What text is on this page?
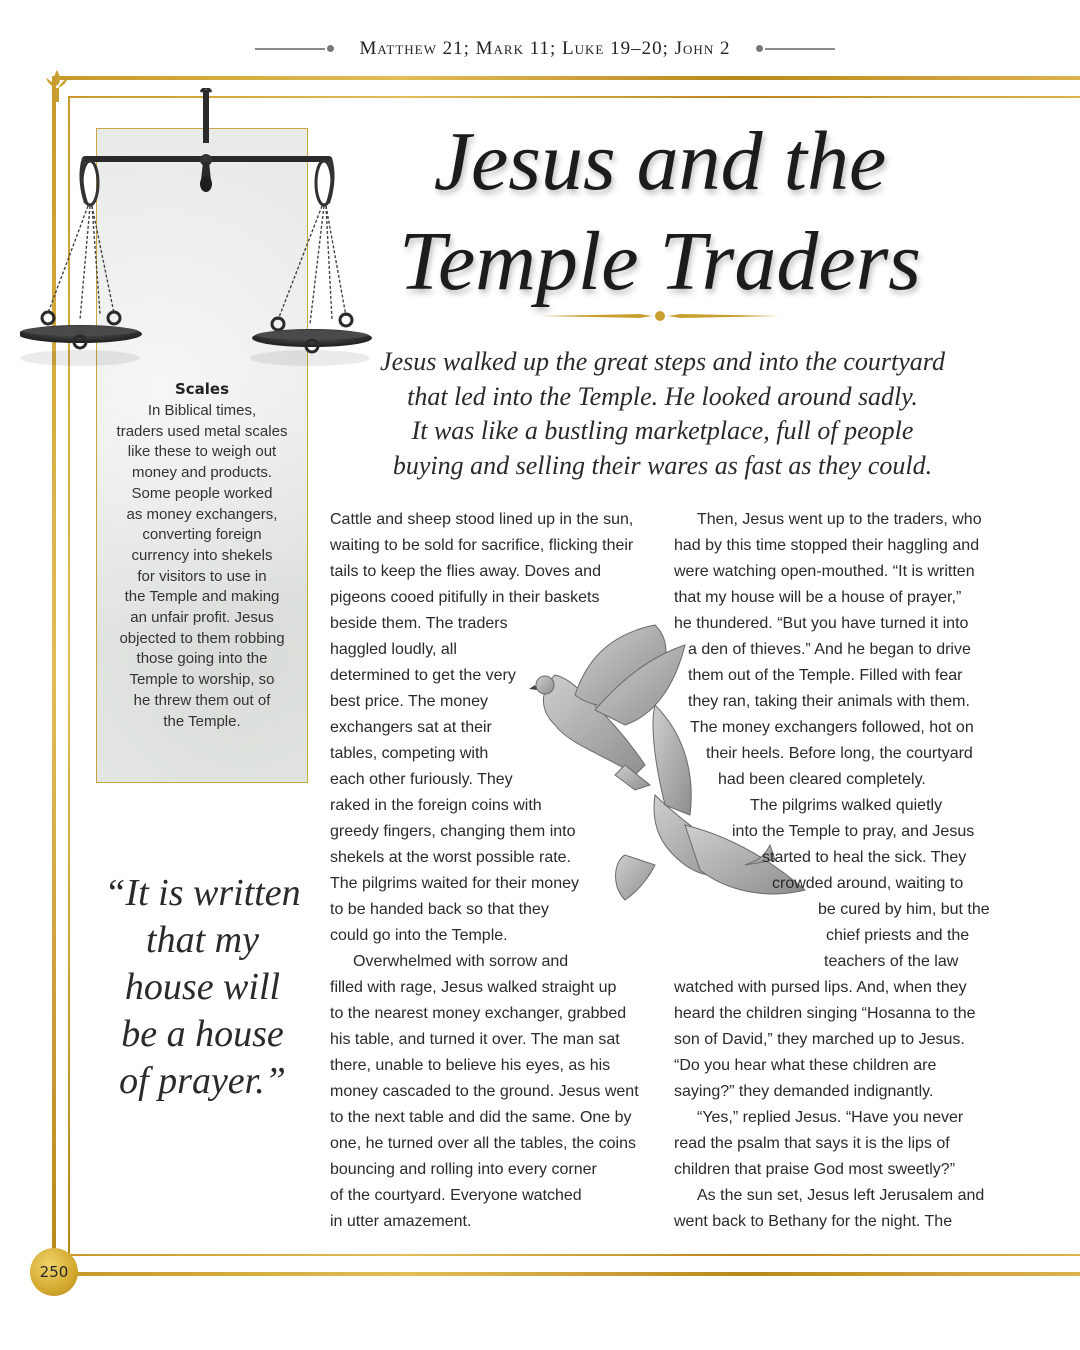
Matthew 21; Mark 11; Luke 19–20; John 2
Scales
In Biblical times,
traders used metal scales
like these to weigh out
money and products.
Some people worked
as money exchangers,
converting foreign
currency into shekels
for visitors to use in
the Temple and making
an unfair profit. Jesus
objected to them robbing
those going into the
Temple to worship, so
he threw them out of
the Temple.
“It is written
that my
house will
be a house
of prayer.”
Jesus and the
Temple Traders
Jesus walked up the great steps and into the courtyard
that led into the Temple. He looked around sadly.
It was like a bustling marketplace, full of people
buying and selling their wares as fast as they could.
Cattle and sheep stood lined up in the sun,
waiting to be sold for sacrifice, flicking their
tails to keep the flies away. Doves and
pigeons cooed pitifully in their baskets
beside them. The traders
haggled loudly, all
determined to get the very
best price. The money
exchangers sat at their
tables, competing with
each other furiously. They
raked in the foreign coins with
greedy fingers, changing them into
shekels at the worst possible rate.
The pilgrims waited for their money
to be handed back so that they
could go into the Temple.
Overwhelmed with sorrow and
filled with rage, Jesus walked straight up
to the nearest money exchanger, grabbed
his table, and turned it over. The man sat
there, unable to believe his eyes, as his
money cascaded to the ground. Jesus went
to the next table and did the same. One by
one, he turned over all the tables, the coins
bouncing and rolling into every corner
of the courtyard. Everyone watched
in utter amazement.
Then, Jesus went up to the traders, who
had by this time stopped their haggling and
were watching open-mouthed. “It is written
that my house will be a house of prayer,”
he thundered. “But you have turned it into
a den of thieves.” And he began to drive
them out of the Temple. Filled with fear
they ran, taking their animals with them.
The money exchangers followed, hot on
their heels. Before long, the courtyard
had been cleared completely.
The pilgrims walked quietly
into the Temple to pray, and Jesus
started to heal the sick. They
crowded around, waiting to
be cured by him, but the
chief priests and the
teachers of the law
watched with pursed lips. And, when they
heard the children singing “Hosanna to the
son of David,” they marched up to Jesus.
“Do you hear what these children are
saying?” they demanded indignantly.
“Yes,” replied Jesus. “Have you never
read the psalm that says it is the lips of
children that praise God most sweetly?”
As the sun set, Jesus left Jerusalem and
went back to Bethany for the night. The
250
